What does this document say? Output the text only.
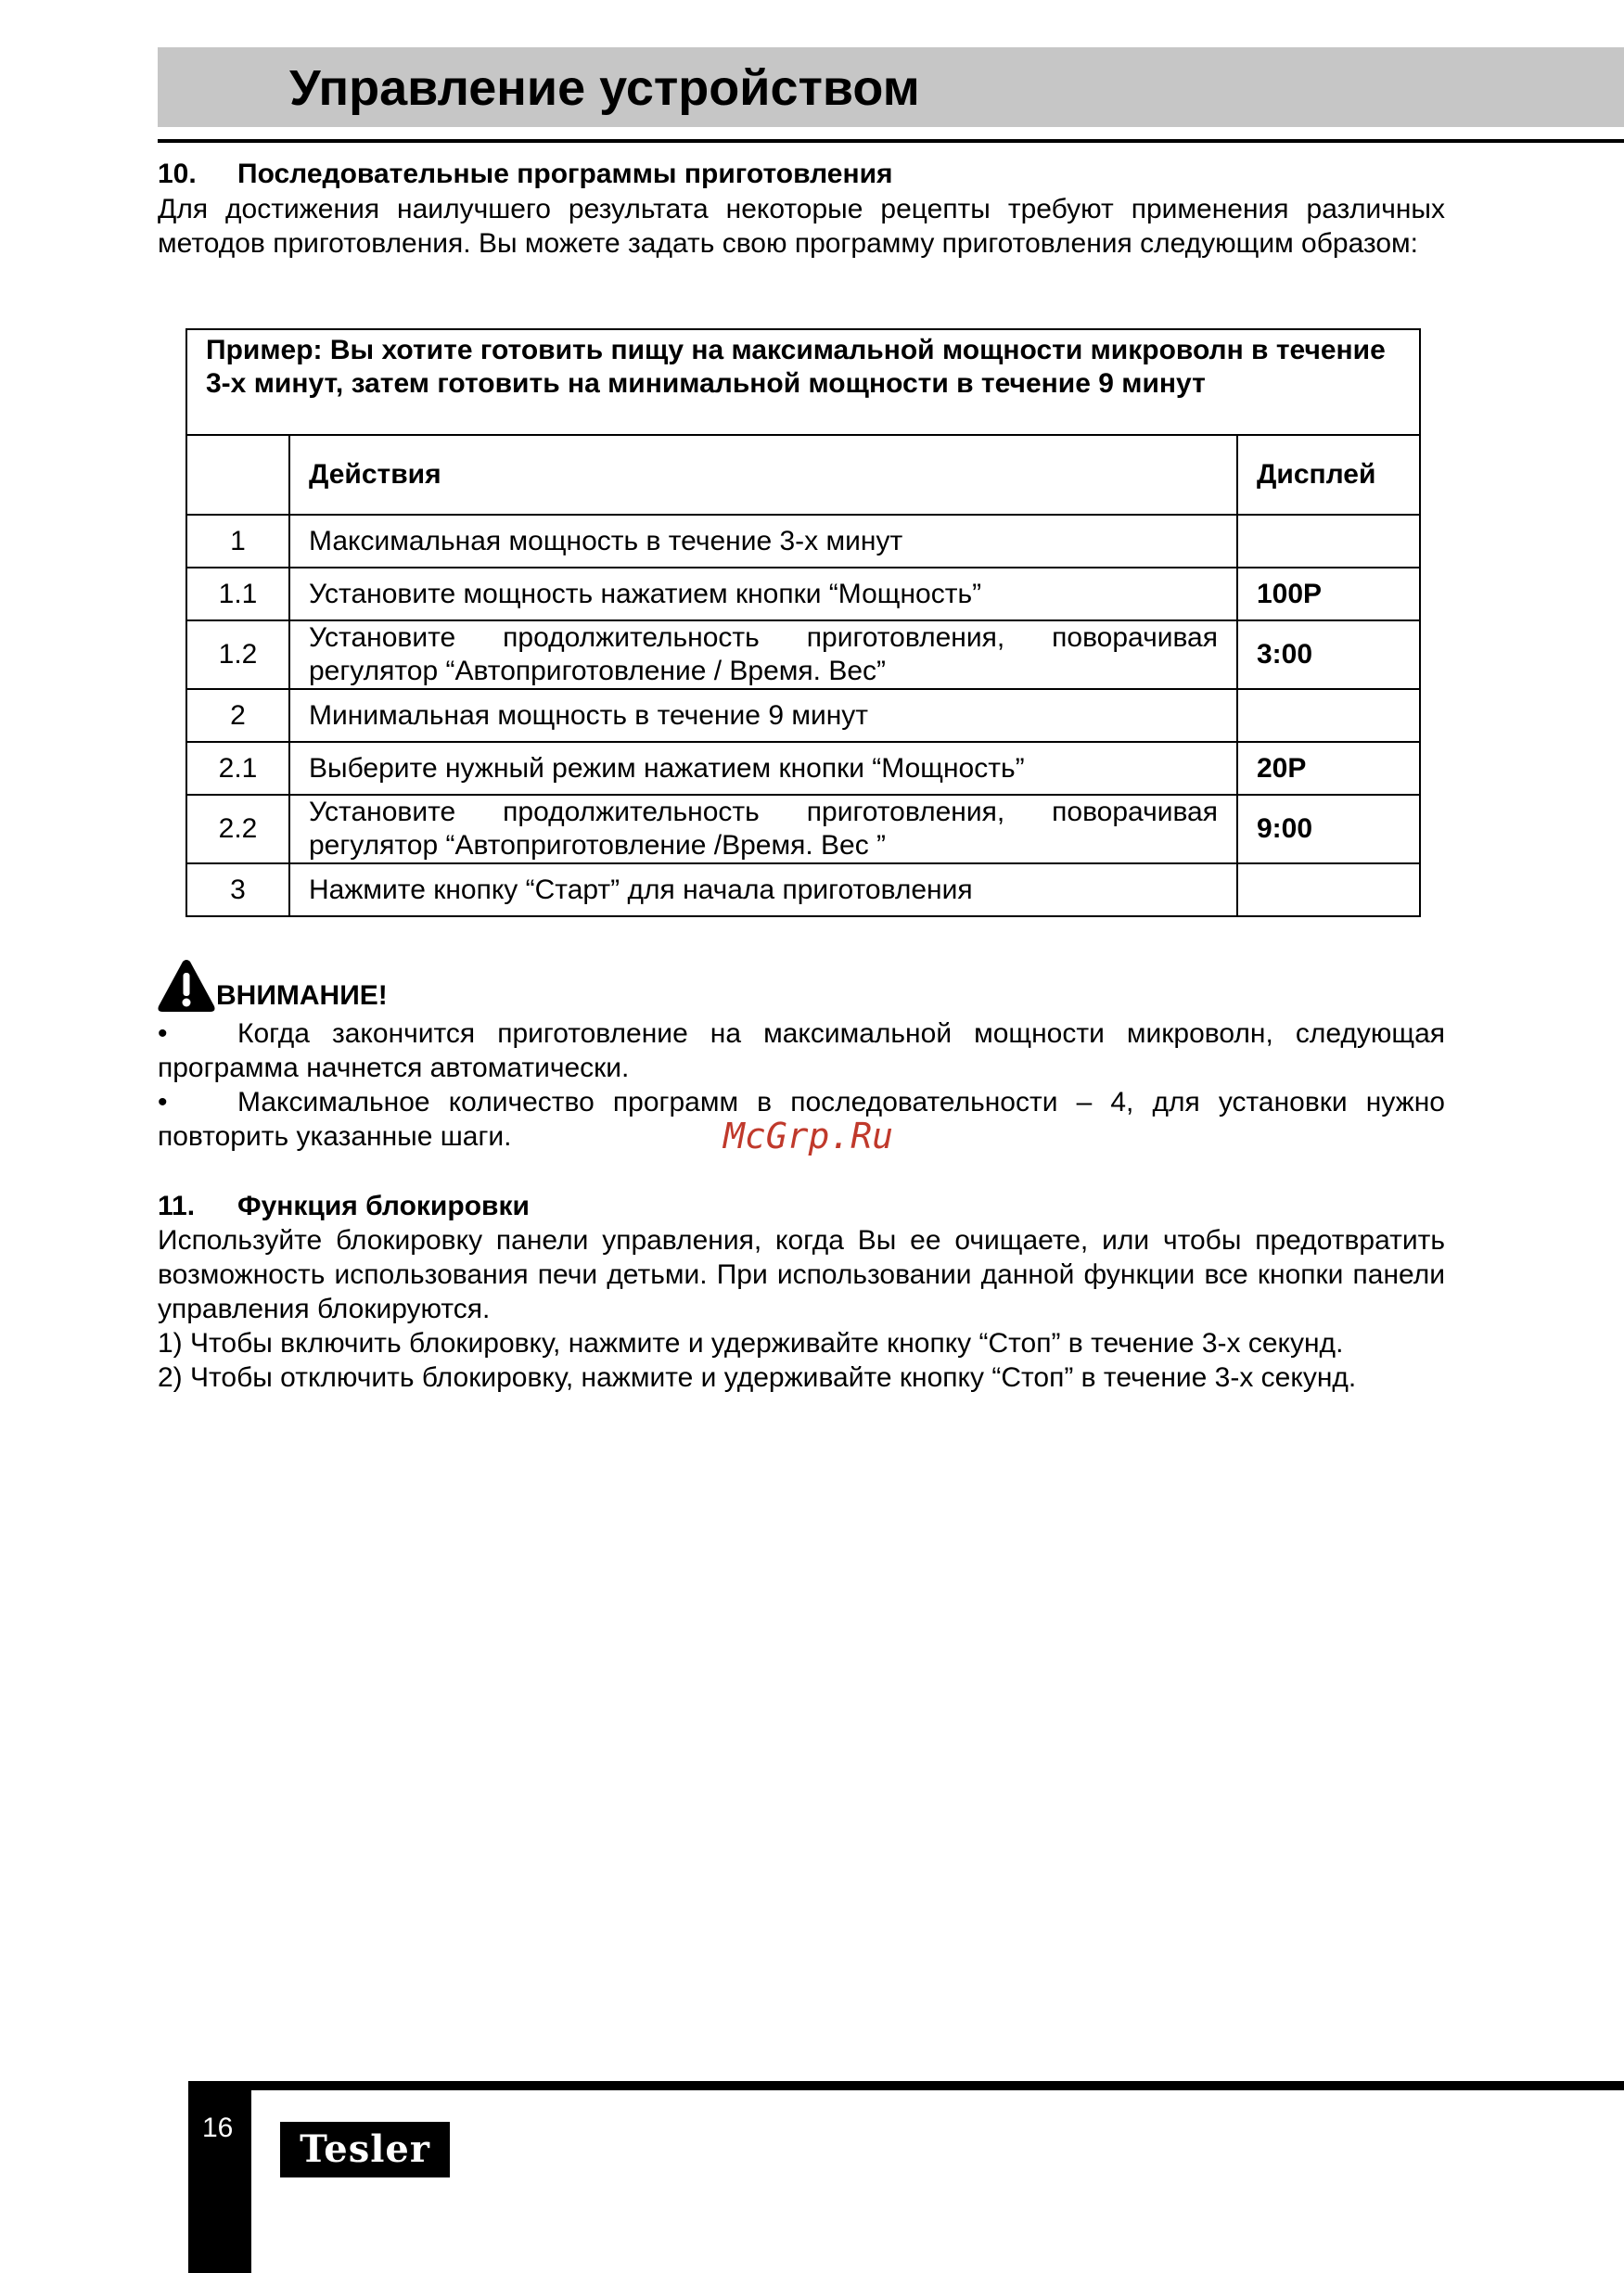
Управление устройством
10. Последовательные программы приготовления
Для достижения наилучшего результата некоторые рецепты требуют применения различных методов приготовления. Вы можете задать свою программу приготовления следующим образом:
Пример: Вы хотите готовить пищу на максимальной мощности микроволн в течение 3-х минут, затем готовить на минимальной мощности в течение 9 минут		
	Действия	Дисплей
1	Максимальная мощность в течение 3-х минут	
1.1	Установите мощность нажатием кнопки “Мощность”	100P
1.2	Установите продолжительность приготовления, поворачивая регулятор “Автоприготовление / Время. Вес”	3:00
2	Минимальная мощность в течение 9 минут	
2.1	Выберите нужный режим нажатием кнопки “Мощность”	20P
2.2	Установите продолжительность приготовления, поворачивая регулятор “Автоприготовление /Время. Вес ”	9:00
3	Нажмите кнопку “Старт” для начала приготовления	
ВНИМАНИЕ!
•	Когда закончится приготовление на максимальной мощности микроволн, следующая программа начнется автоматически.
•	Максимальное количество программ в последовательности – 4, для установки нужно повторить указанные шаги.	McGrp.Ru
11. Функция блокировки
Используйте блокировку панели управления, когда Вы ее очищаете, или чтобы предотвратить возможность использования печи детьми. При использовании данной функции все кнопки панели управления блокируются.
1) Чтобы включить блокировку, нажмите и удерживайте кнопку “Стоп” в течение 3-х секунд.
2) Чтобы отключить блокировку, нажмите и удерживайте кнопку “Стоп” в течение 3-х секунд.
16	Tesler
